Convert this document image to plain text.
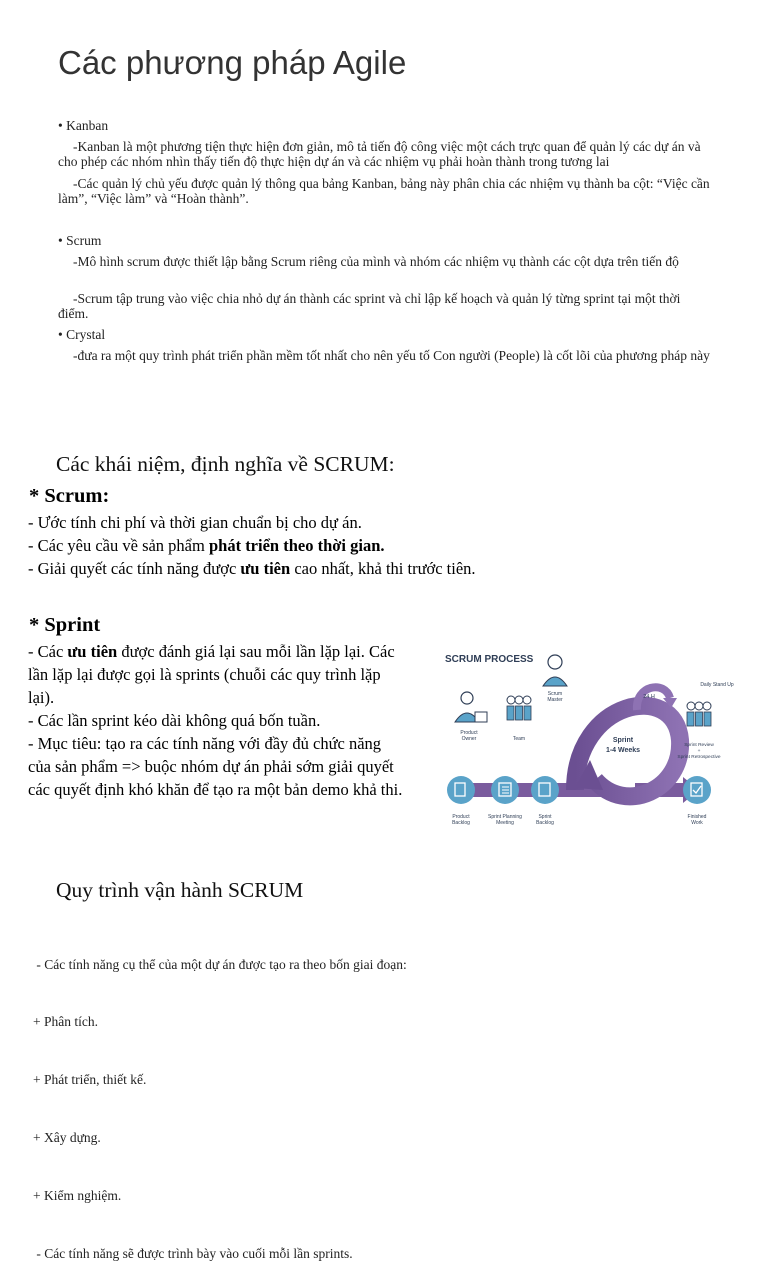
Các phương pháp Agile
• Kanban
-Kanban là một phương tiện thực hiện đơn giản, mô tả tiến độ công việc một cách trực quan để quản lý các dự án và cho phép các nhóm nhìn thấy tiến độ thực hiện dự án và các nhiệm vụ phải hoàn thành trong tương lai
-Các quản lý chủ yếu được quản lý thông qua bảng Kanban, bảng này phân chia các nhiệm vụ thành ba cột: “Việc cần làm”, “Việc làm” và “Hoàn thành”.
• Scrum
-Mô hình scrum được thiết lập bằng Scrum riêng của mình và nhóm các nhiệm vụ thành các cột dựa trên tiến độ
-Scrum tập trung vào việc chia nhỏ dự án thành các sprint và chỉ lập kế hoạch và quản lý từng sprint tại một thời điểm.
• Crystal
-đưa ra một quy trình phát triển phần mềm tốt nhất cho nên yếu tố Con người (People) là cốt lõi của phương pháp này
Các khái niệm, định nghĩa về SCRUM:
* Scrum:
- Ước tính chi phí và thời gian chuẩn bị cho dự án.
- Các yêu cầu về sản phẩm phát triển theo thời gian.
- Giải quyết các tính năng được ưu tiên cao nhất, khả thi trước tiên.
* Sprint
- Các ưu tiên được đánh giá lại sau mỗi lần lặp lại. Các lần lặp lại được gọi là sprints (chuỗi các quy trình lặp lại).
- Các lần sprint kéo dài không quá bốn tuần.
- Mục tiêu: tạo ra các tính năng với đầy đủ chức năng của sản phẩm => buộc nhóm dự án phải sớm giải quyết các quyết định khó khăn để tạo ra một bản demo khả thi.
SCRUM PROCESS
Sprint
1-4 Weeks
24 H
Daily Stand Up
Product
Owner	Team
Scrum
Master
Sprint Review
+
Sprint Retrospective
Product
Backlog
Sprint Planning
Meeting
Sprint
Backlog
Finished
Work
Quy trình vận hành SCRUM

- Các tính năng cụ thể của một dự án được tạo ra theo bốn giai đoạn:

+ Phân tích.

+ Phát triển, thiết kế.

+ Xây dựng.

+ Kiểm nghiệm.

- Các tính năng sẽ được trình bày vào cuối mỗi lần sprints.
